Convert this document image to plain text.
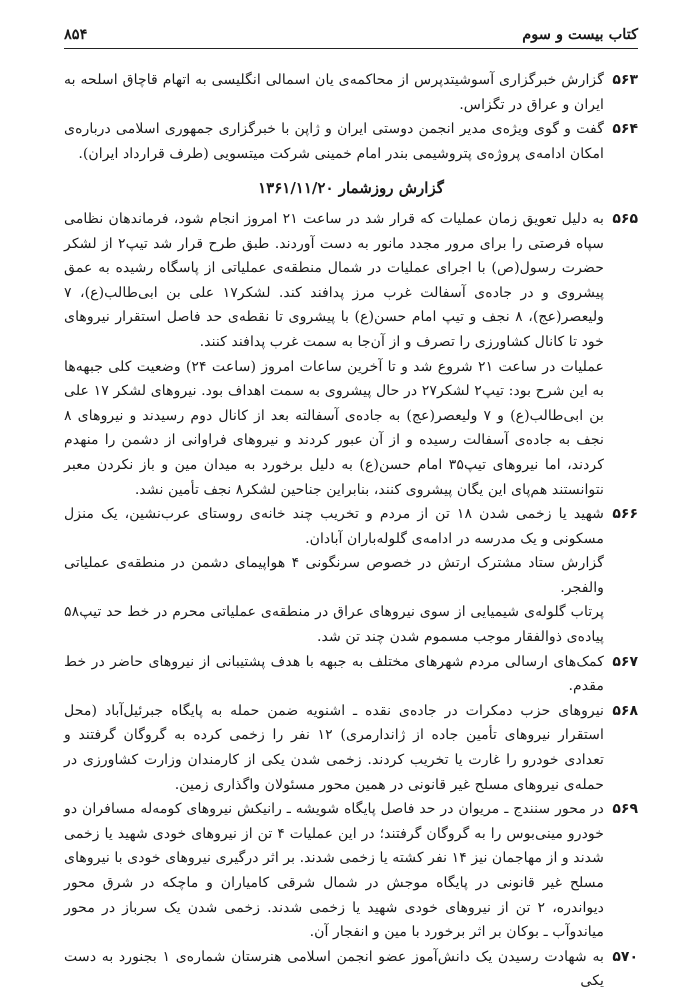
کتاب بیست و سوم
۸۵۴
۵۶۳
گزارش خبرگزاری آسوشیتدپرس از محاکمه‌ی یان اسمالی انگلیسی به اتهام قاچاق اسلحه به ایران و عراق در تگزاس.
۵۶۴
گفت و گوی ویژه‌ی مدیر انجمن دوستی ایران و ژاپن با خبرگزاری جمهوری اسلامی درباره‌ی امکان ادامه‌ی پروژه‌ی پتروشیمی بندر امام خمینی شرکت میتسویی (طرف قرارداد ایران).
گزارش روزشمار ۱۳۶۱/۱۱/۲۰
۵۶۵
به دلیل تعویق زمان عملیات که قرار شد در ساعت ۲۱ امروز انجام شود، فرماندهان نظامی سپاه فرصتی را برای مرور مجدد مانور به دست آوردند. طبق طرح قرار شد تیپ۲ از لشکر حضرت رسول(ص) با اجرای عملیات در شمال منطقه‌ی عملیاتی از پاسگاه رشیده به عمق پیشروی و در جاده‌ی آسفالت غرب مرز پدافند کند. لشکر۱۷ علی بن ابی‌طالب(ع)، ۷ ولیعصر(عج)، ۸ نجف و تیپ امام حسن(ع) با پیشروی تا نقطه‌ی حد فاصل استقرار نیروهای خود تا کانال کشاورزی را تصرف و از آن‌جا به سمت غرب پدافند کنند.
عملیات در ساعت ۲۱ شروع شد و تا آخرین ساعات امروز (ساعت ۲۴) وضعیت کلی جبهه‌ها به این شرح بود: تیپ۲ لشکر۲۷ در حال پیشروی به سمت اهداف بود. نیروهای لشکر ۱۷ علی بن ابی‌طالب(ع) و ۷ ولیعصر(عج) به جاده‌ی آسفالته بعد از کانال دوم رسیدند و نیروهای ۸ نجف به جاده‌ی آسفالت رسیده و از آن عبور کردند و نیروهای فراوانی از دشمن را منهدم کردند، اما نیروهای تیپ۳۵ امام حسن(ع) به دلیل برخورد به میدان مین و باز نکردن معبر نتوانستند هم‌پای این یگان پیشروی کنند، بنابراین جناحین لشکر۸ نجف تأمین نشد.
۵۶۶
شهید یا زخمی شدن ۱۸ تن از مردم و تخریب چند خانه‌ی روستای عرب‌نشین، یک منزل مسکونی و یک مدرسه در ادامه‌ی گلوله‌باران آبادان.
گزارش ستاد مشترک ارتش در خصوص سرنگونی ۴ هواپیمای دشمن در منطقه‌ی عملیاتی والفجر.
پرتاب گلوله‌ی شیمیایی از سوی نیروهای عراق در منطقه‌ی عملیاتی محرم در خط حد تیپ۵۸ پیاده‌ی ذوالفقار موجب مسموم شدن چند تن شد.
۵۶۷
کمک‌های ارسالی مردم شهرهای مختلف به جبهه با هدف پشتیبانی از نیروهای حاضر در خط مقدم.
۵۶۸
نیروهای حزب دمکرات در جاده‌ی نقده ـ اشنویه ضمن حمله به پایگاه جبرئیل‌آباد (محل استقرار نیروهای تأمین جاده از ژاندارمری) ۱۲ نفر را زخمی کرده به گروگان گرفتند و تعدادی خودرو را غارت یا تخریب کردند. زخمی شدن یکی از کارمندان وزارت کشاورزی در حمله‌ی نیروهای مسلح غیر قانونی در همین محور مسئولان واگذاری زمین.
۵۶۹
در محور سنندج ـ مریوان در حد فاصل پایگاه شویشه ـ رانیکش نیروهای کومه‌له مسافران دو خودرو مینی‌بوس را به گروگان گرفتند؛ در این عملیات ۴ تن از نیروهای خودی شهید یا زخمی شدند و از مهاجمان نیز ۱۴ نفر کشته یا زخمی شدند. بر اثر درگیری نیروهای خودی با نیروهای مسلح غیر قانونی در پایگاه موجش در شمال شرقی کامیاران و ماچکه در شرق محور دیواندره، ۲ تن از نیروهای خودی شهید یا زخمی شدند. زخمی شدن یک سرباز در محور میاندوآب ـ بوکان بر اثر برخورد با مین و انفجار آن.
۵۷۰
به شهادت رسیدن یک دانش‌آموز عضو انجمن اسلامی هنرستان شماره‌ی ۱ بجنورد به دست یکی
